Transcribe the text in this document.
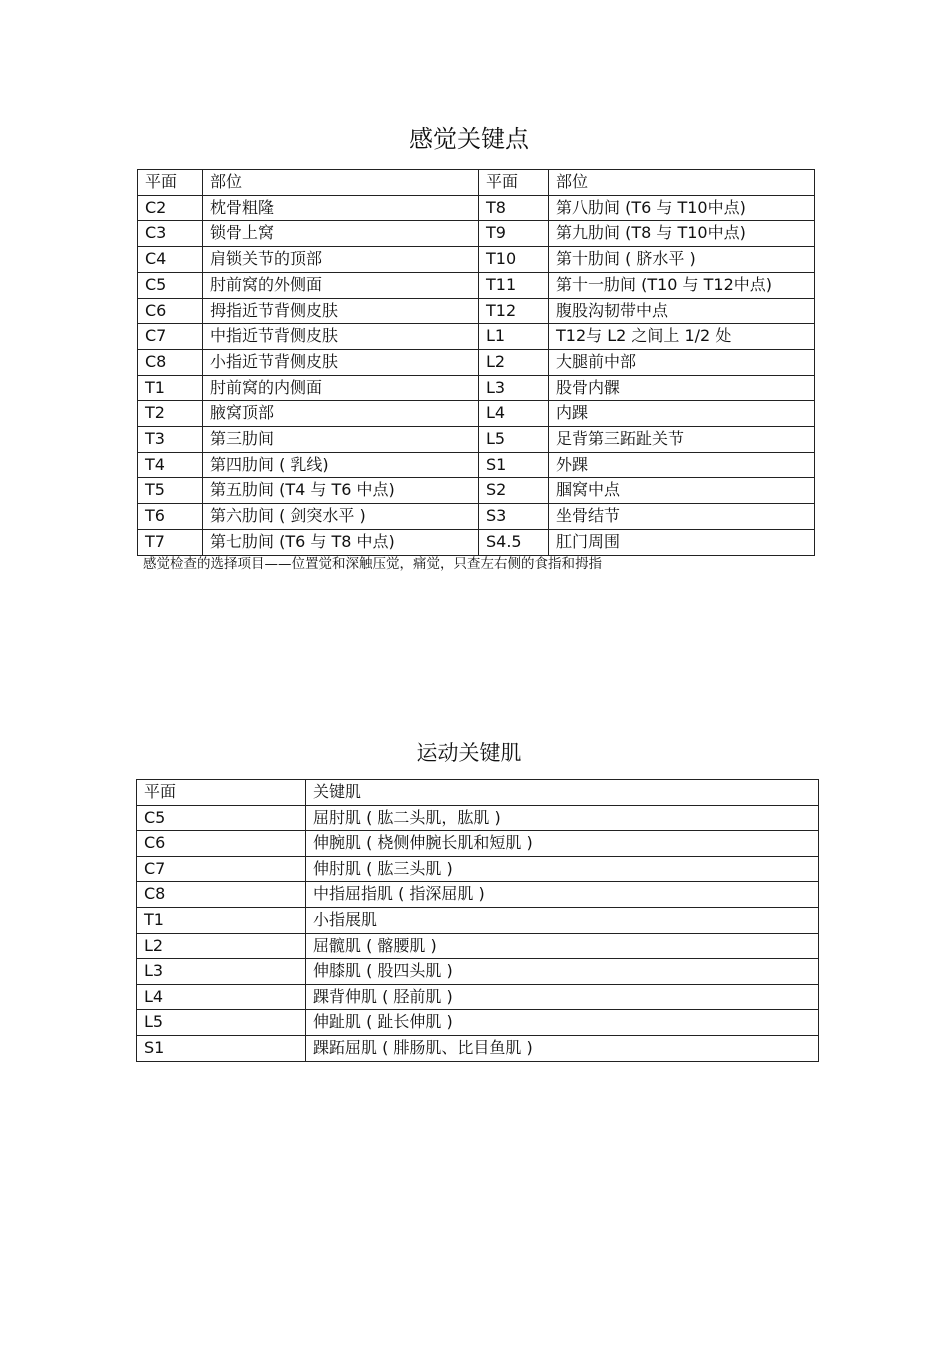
感觉关键点
平面	部位	平面	部位
C2	枕骨粗隆	T8	第八肋间 (T6 与 T10中点)
C3	锁骨上窝	T9	第九肋间 (T8 与 T10中点)
C4	肩锁关节的顶部	T10	第十肋间 ( 脐水平 )
C5	肘前窝的外侧面	T11	第十一肋间 (T10 与 T12中点)
C6	拇指近节背侧皮肤	T12	腹股沟韧带中点
C7	中指近节背侧皮肤	L1	T12与 L2 之间上 1/2 处
C8	小指近节背侧皮肤	L2	大腿前中部
T1	肘前窝的内侧面	L3	股骨内髁
T2	腋窝顶部	L4	内踝
T3	第三肋间	L5	足背第三跖趾关节
T4	第四肋间 ( 乳线)	S1	外踝
T5	第五肋间 (T4 与 T6 中点)	S2	腘窝中点
T6	第六肋间 ( 剑突水平 )	S3	坐骨结节
T7	第七肋间 (T6 与 T8 中点)	S4.5	肛门周围

感觉检查的选择项目——位置觉和深触压觉，痛觉，只查左右侧的食指和拇指

运动关键肌
平面	关键肌
C5	屈肘肌 ( 肱二头肌，肱肌 )
C6	伸腕肌 ( 桡侧伸腕长肌和短肌 )
C7	伸肘肌 ( 肱三头肌 )
C8	中指屈指肌 ( 指深屈肌 )
T1	小指展肌
L2	屈髋肌 ( 髂腰肌 )
L3	伸膝肌 ( 股四头肌 )
L4	踝背伸肌 ( 胫前肌 )
L5	伸趾肌 ( 趾长伸肌 )
S1	踝跖屈肌 ( 腓肠肌、比目鱼肌 )
